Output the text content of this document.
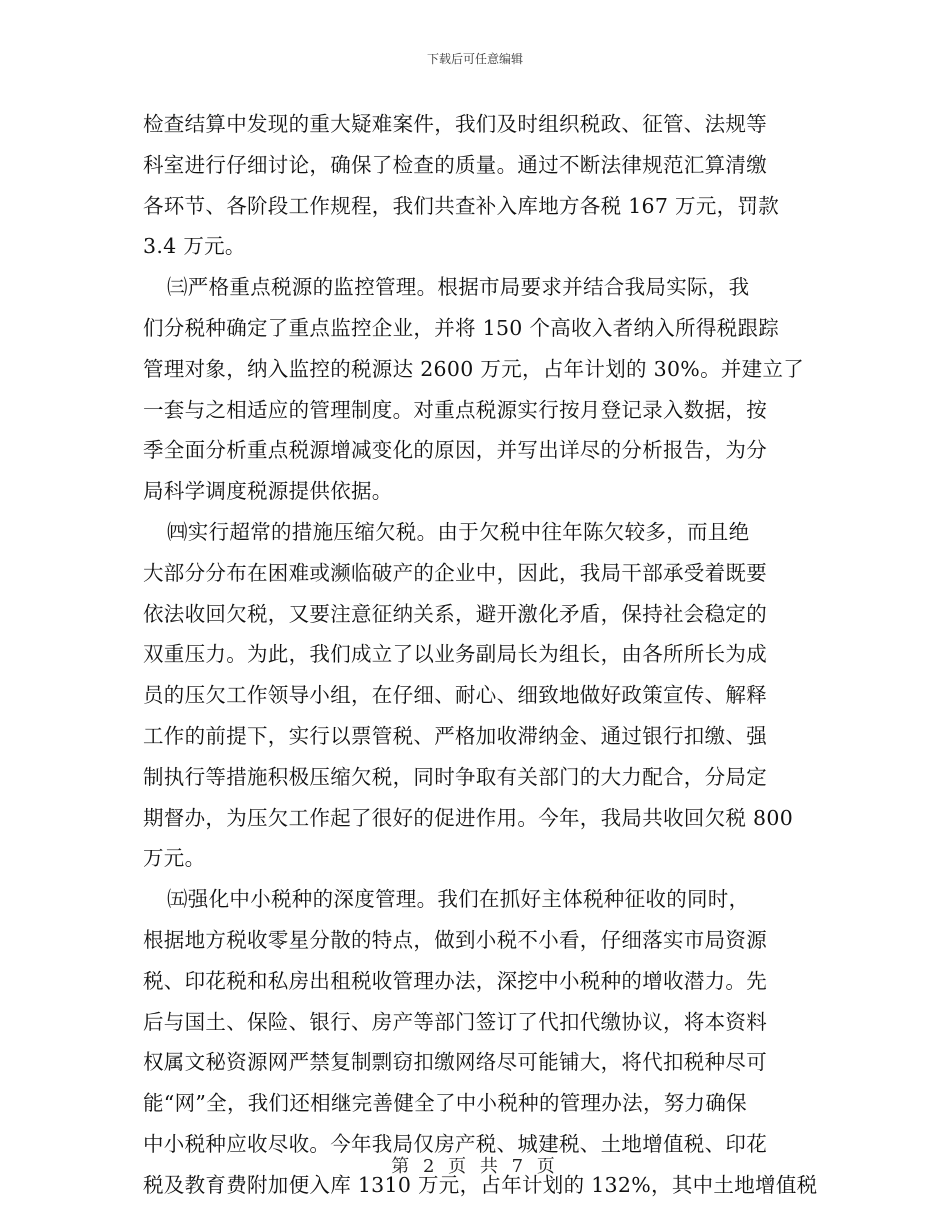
下载后可任意编辑
检查结算中发现的重大疑难案件，我们及时组织税政、征管、法规等
科室进行仔细讨论，确保了检查的质量。通过不断法律规范汇算清缴
各环节、各阶段工作规程，我们共查补入库地方各税 167 万元，罚款
3.4 万元。
㈢严格重点税源的监控管理。根据市局要求并结合我局实际，我
们分税种确定了重点监控企业，并将 150 个高收入者纳入所得税跟踪
管理对象，纳入监控的税源达 2600 万元，占年计划的 30%。并建立了
一套与之相适应的管理制度。对重点税源实行按月登记录入数据，按
季全面分析重点税源增减变化的原因，并写出详尽的分析报告，为分
局科学调度税源提供依据。
㈣实行超常的措施压缩欠税。由于欠税中往年陈欠较多，而且绝
大部分分布在困难或濒临破产的企业中，因此，我局干部承受着既要
依法收回欠税，又要注意征纳关系，避开激化矛盾，保持社会稳定的
双重压力。为此，我们成立了以业务副局长为组长，由各所所长为成
员的压欠工作领导小组，在仔细、耐心、细致地做好政策宣传、解释
工作的前提下，实行以票管税、严格加收滞纳金、通过银行扣缴、强
制执行等措施积极压缩欠税，同时争取有关部门的大力配合，分局定
期督办，为压欠工作起了很好的促进作用。今年，我局共收回欠税 800
万元。
㈤强化中小税种的深度管理。我们在抓好主体税种征收的同时，
根据地方税收零星分散的特点，做到小税不小看，仔细落实市局资源
税、印花税和私房出租税收管理办法，深挖中小税种的增收潜力。先
后与国土、保险、银行、房产等部门签订了代扣代缴协议，将本资料
权属文秘资源网严禁复制剽窃扣缴网络尽可能铺大，将代扣税种尽可
能“网”全，我们还相继完善健全了中小税种的管理办法，努力确保
中小税种应收尽收。今年我局仅房产税、城建税、土地增值税、印花
税及教育费附加便入库 1310 万元，占年计划的 132%，其中土地增值税
第 2 页 共 7 页
